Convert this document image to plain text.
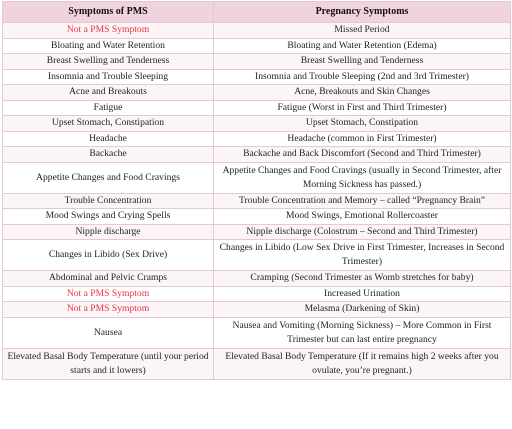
Symptoms of PMS	Pregnancy Symptoms
Not a PMS Symptom	Missed Period
Bloating and Water Retention	Bloating and Water Retention (Edema)
Breast Swelling and Tenderness	Breast Swelling and Tenderness
Insomnia and Trouble Sleeping	Insomnia and Trouble Sleeping (2nd and 3rd Trimester)
Acne and Breakouts	Acne, Breakouts and Skin Changes
Fatigue	Fatigue (Worst in First and Third Trimester)
Upset Stomach, Constipation	Upset Stomach, Constipation
Headache	Headache (common in First Trimester)
Backache	Backache and Back Discomfort (Second and Third Trimester)
Appetite Changes and Food Cravings	Appetite Changes and Food Cravings (usually in Second Trimester, after Morning Sickness has passed.)
Trouble Concentration	Trouble Concentration and Memory – called “Pregnancy Brain”
Mood Swings and Crying Spells	Mood Swings, Emotional Rollercoaster
Nipple discharge	Nipple discharge (Colostrum – Second and Third Trimester)
Changes in Libido (Sex Drive)	Changes in Libido (Low Sex Drive in First Trimester, Increases in Second Trimester)
Abdominal and Pelvic Cramps	Cramping (Second Trimester as Womb stretches for baby)
Not a PMS Symptom	Increased Urination
Not a PMS Symptom	Melasma (Darkening of Skin)
Nausea	Nausea and Vomiting (Morning Sickness) – More Common in First Trimester but can last entire pregnancy
Elevated Basal Body Temperature (until your period starts and it lowers)	Elevated Basal Body Temperature (If it remains high 2 weeks after you ovulate, you’re pregnant.)
